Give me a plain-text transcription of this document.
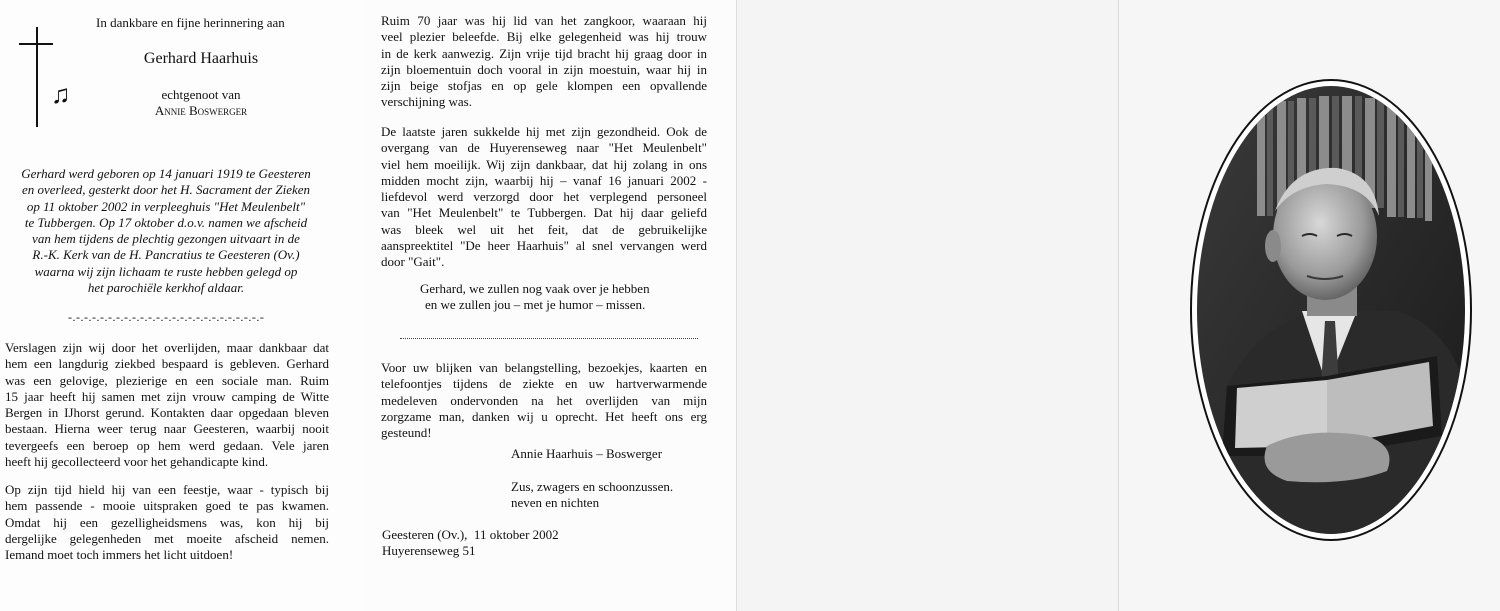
♫

In dankbare en fijne herinnering aan

Gerhard Haarhuis

echtgenoot van

Annie Boswerger

Gerhard werd geboren op 14 januari 1919 te Geesteren
en overleed, gesterkt door het H. Sacrament der Zieken
op 11 oktober 2002 in verpleeghuis "Het Meulenbelt"
te Tubbergen. Op 17 oktober d.o.v. namen we afscheid
van hem tijdens de plechtig gezongen uitvaart in de
R.-K. Kerk van de H. Pancratius te Geesteren (Ov.)
waarna wij zijn lichaam te ruste hebben gelegd op
het parochiële kerkhof aldaar.
-.-.-.-.-.-.-.-.-.-.-.-.-.-.-.-.-.-.-.-.-.-.-.-.-
Verslagen zijn wij door het overlijden, maar dankbaar dat
hem een langdurig ziekbed bespaard is gebleven. Gerhard
was een gelovige, plezierige en een sociale man. Ruim
15 jaar heeft hij samen met zijn vrouw camping de Witte
Bergen in IJhorst gerund. Kontakten daar opgedaan bleven
bestaan. Hierna weer terug naar Geesteren, waarbij nooit
tevergeefs een beroep op hem werd gedaan. Vele jaren
heeft hij gecollecteerd voor het gehandicapte kind.
Op zijn tijd hield hij van een feestje, waar - typisch bij
hem passende - mooie uitspraken goed te pas kwamen.
Omdat hij een gezelligheidsmens was, kon hij bij
dergelijke gelegenheden met moeite afscheid nemen.
Iemand moet toch immers het licht uitdoen!
Ruim 70 jaar was hij lid van het zangkoor, waaraan hij
veel plezier beleefde. Bij elke gelegenheid was hij trouw
in de kerk aanwezig. Zijn vrije tijd bracht hij graag door in
zijn bloementuin doch vooral in zijn moestuin, waar hij in
zijn beige stofjas en op gele klompen een opvallende
verschijning was.
De laatste jaren sukkelde hij met zijn gezondheid. Ook de
overgang van de Huyerenseweg naar "Het Meulenbelt"
viel hem moeilijk. Wij zijn dankbaar, dat hij zolang in ons
midden mocht zijn, waarbij hij – vanaf 16 januari 2002 -
liefdevol werd verzorgd door het verplegend personeel
van "Het Meulenbelt" te Tubbergen. Dat hij daar geliefd
was bleek wel uit het feit, dat de gebruikelijke
aanspreektitel "De heer Haarhuis" al snel vervangen werd
door "Gait".
Gerhard, we zullen nog vaak over je hebben
en we zullen jou – met je humor – missen.
Voor uw blijken van belangstelling, bezoekjes, kaarten en
telefoontjes tijdens de ziekte en uw hartverwarmende
medeleven ondervonden na het overlijden van mijn
zorgzame man, danken wij u oprecht. Het heeft ons erg
gesteund!

Annie Haarhuis – Boswerger

Zus, zwagers en schoonzussen.
neven en nichten

Geesteren (Ov.),  11 oktober 2002

Huyerenseweg 51
